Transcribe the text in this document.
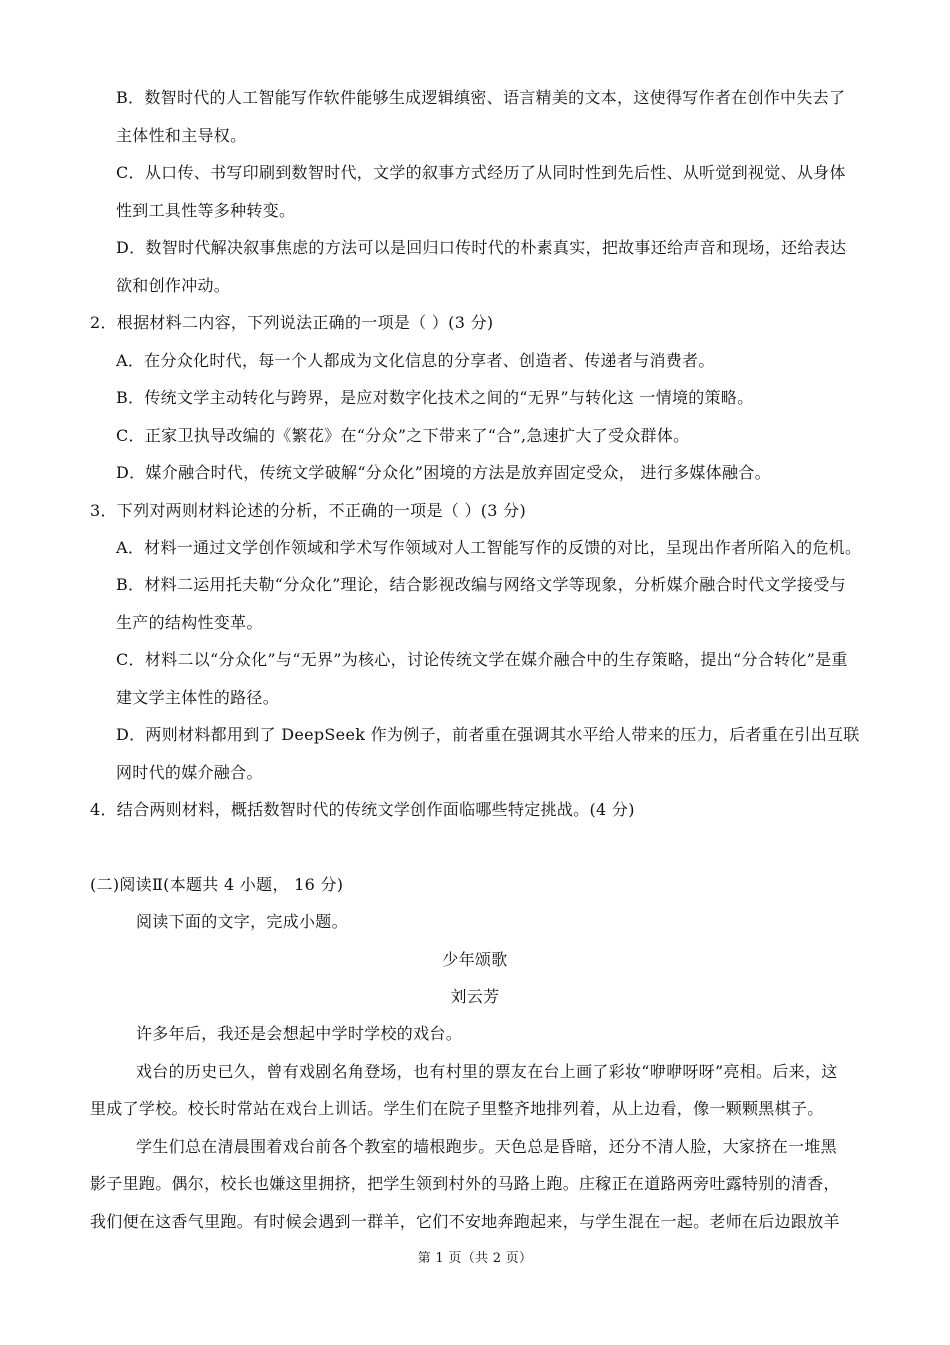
B．数智时代的人工智能写作软件能够生成逻辑缜密、语言精美的文本，这使得写作者在创作中失去了
主体性和主导权。
C．从口传、书写印刷到数智时代，文学的叙事方式经历了从同时性到先后性、从听觉到视觉、从身体
性到工具性等多种转变。
D．数智时代解决叙事焦虑的方法可以是回归口传时代的朴素真实，把故事还给声音和现场，还给表达
欲和创作冲动。
2．根据材料二内容，下列说法正确的一项是（ ）(3 分)
A．在分众化时代，每一个人都成为文化信息的分享者、创造者、传递者与消费者。
B．传统文学主动转化与跨界，是应对数字化技术之间的“无界”与转化这 一情境的策略。
C．正家卫执导改编的《繁花》在“分众”之下带来了“合”,急速扩大了受众群体。
D．媒介融合时代，传统文学破解“分众化”困境的方法是放弃固定受众， 进行多媒体融合。
3．下列对两则材料论述的分析，不正确的一项是（ ）(3 分)
A．材料一通过文学创作领域和学术写作领域对人工智能写作的反馈的对比，呈现出作者所陷入的危机。
B．材料二运用托夫勒“分众化”理论，结合影视改编与网络文学等现象，分析媒介融合时代文学接受与
生产的结构性变革。
C．材料二以“分众化”与“无界”为核心，讨论传统文学在媒介融合中的生存策略，提出“分合转化”是重
建文学主体性的路径。
D．两则材料都用到了 DeepSeek 作为例子，前者重在强调其水平给人带来的压力，后者重在引出互联
网时代的媒介融合。
4．结合两则材料，概括数智时代的传统文学创作面临哪些特定挑战。(4 分)
(二)阅读Ⅱ(本题共 4 小题， 16 分)
阅读下面的文字，完成小题。
少年颂歌
刘云芳
许多年后，我还是会想起中学时学校的戏台。
戏台的历史已久，曾有戏剧名角登场，也有村里的票友在台上画了彩妆“咿咿呀呀”亮相。后来，这
里成了学校。校长时常站在戏台上训话。学生们在院子里整齐地排列着，从上边看，像一颗颗黑棋子。
学生们总在清晨围着戏台前各个教室的墙根跑步。天色总是昏暗，还分不清人脸，大家挤在一堆黑
影子里跑。偶尔，校长也嫌这里拥挤，把学生领到村外的马路上跑。庄稼正在道路两旁吐露特别的清香，
我们便在这香气里跑。有时候会遇到一群羊，它们不安地奔跑起来，与学生混在一起。老师在后边跟放羊
第 1 页（共 2 页）
